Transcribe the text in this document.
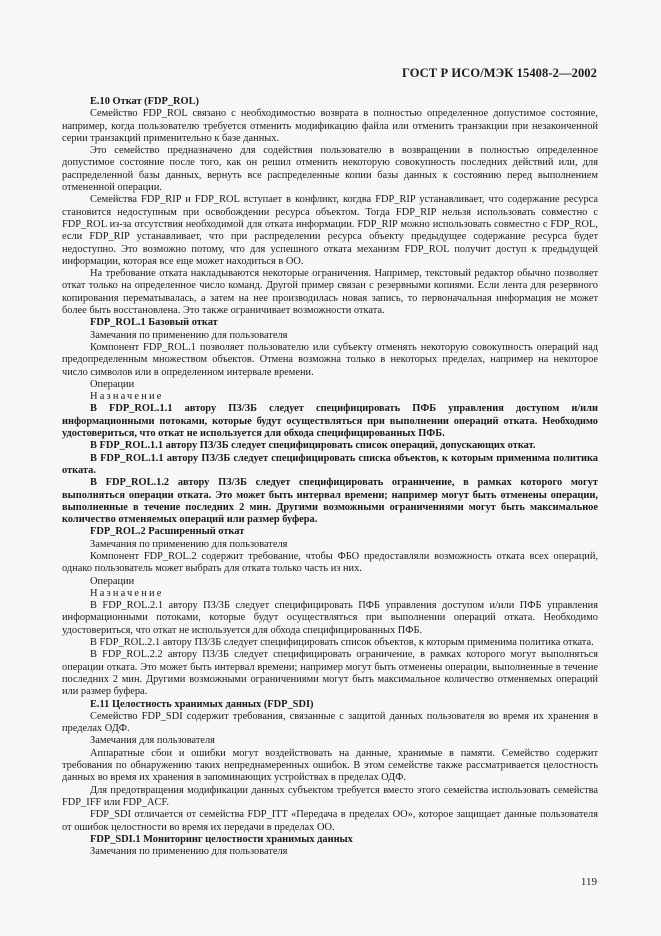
ГОСТ Р ИСО/МЭК 15408-2—2002

Е.10 Откат (FDP_ROL)

Семейство FDP_ROL связано с необходимостью возврата в полностью определенное допустимое состояние, например, когда пользователю требуется отменить модификацию файла или отменить транзакции при незаконченной серии транзакций применительно к базе данных.

Это семейство предназначено для содействия пользователю в возвращении в полностью определенное допустимое состояние после того, как он решил отменить некоторую совокупность последних действий или, для распределенной базы данных, вернуть все распределенные копии базы данных к состоянию перед выполнением отмененной операции.

Семейства FDP_RIP и FDP_ROL вступает в конфликт, когдва FDP_RIP устанавливает, что содержание ресурса становится недоступным при освобождении ресурса объектом. Тогда FDP_RIP нельзя использовать совместно с FDP_ROL из-за отсутствия необходимой для отката информации. FDP_RIP можно использовать совместно с FDP_ROL, если FDP_RIP устанавливает, что при распределении ресурса объекту предыдущее содержание ресурса будет недоступно. Это возможно потому, что для успешного отката механизм FDP_ROL получит доступ к предыдущей информации, которая все еще может находиться в ОО.

На требование отката накладываются некоторые ограничения. Например, текстовый редактор обычно позволяет откат только на определенное число команд. Другой пример связан с резервными копиями. Если лента для резервного копирования перематывалась, а затем на нее производилась новая запись, то первоначальная информация не может более быть восстановлена. Это также ограничивает возможности отката.

FDP_ROL.1 Базовый откат

Замечания по применению для пользователя

Компонент FDP_ROL.1 позволяет пользователю или субъекту отменять некоторую совокупность операций над предопределенным множеством объектов. Отмена возможна только в некоторых пределах, например на некоторое число символов или в определенном интервале времени.

Операции

Назначение

В FDP_ROL.1.1 автору ПЗ/ЗБ следует специфицировать ПФБ управления доступом и/или информационными потоками, которые будут осуществляться при выполнении операций отката. Необходимо удостовериться, что откат не используется для обхода специфицированных ПФБ.

В FDP_ROL.1.1 автору ПЗ/ЗБ следует специфицировать список операций, допускающих откат.

В FDP_ROL.1.1 автору ПЗ/ЗБ следует специфицировать списка объектов, к которым применима политика отката.

В FDP_ROL.1.2 автору ПЗ/ЗБ следует специфицировать ограничение, в рамках которого могут выполняться операции отката. Это может быть интервал времени; например могут быть отменены операции, выполненные в течение последних 2 мин. Другими возможными ограничениями могут быть максимальное количество отменяемых операций или размер буфера.

FDP_ROL.2 Расширенный откат

Замечания по применению для пользователя

Компонент FDP_ROL.2 содержит требование, чтобы ФБО предоставляли возможность отката всех операций, однако пользователь может выбрать для отката только часть из них.

Операции

Назначение

В FDP_ROL.2.1 автору ПЗ/ЗБ следует специфицировать ПФБ управления доступом и/или ПФБ управления информационными потоками, которые будут осуществляться при выполнении операций отката. Необходимо удостовериться, что откат не используется для обхода специфицированных ПФБ.

В FDP_ROL.2.1 автору ПЗ/ЗБ следует специфицировать список объектов, к которым применима политика отката.

В FDP_ROL.2.2 автору ПЗ/ЗБ следует специфицировать ограничение, в рамках которого могут выполняться операции отката. Это может быть интервал времени; например могут быть отменены операции, выполненные в течение последних 2 мин. Другими возможными ограничениями могут быть максимальное количество отменяемых операций или размер буфера.

Е.11 Целостность хранимых данных (FDP_SDI)

Семейство FDP_SDI содержит требования, связанные с защитой данных пользователя во время их хранения в пределах ОДФ.

Замечания для пользователя

Аппаратные сбои и ошибки могут воздействовать на данные, хранимые в памяти. Семейство содержит требования по обнаружению таких непреднамеренных ошибок. В этом семействе также рассматривается целостность данных во время их хранения в запоминающих устройствах в пределах ОДФ.

Для предотвращения модификации данных субъектом требуется вместо этого семейства использовать семейства FDP_IFF или FDP_ACF.

FDP_SDI отличается от семейства FDP_ITT «Передача в пределах ОО», которое защищает данные пользователя от ошибок целостности во время их передачи в пределах ОО.

FDP_SDI.1 Мониторинг целостности хранимых данных

Замечания по применению для пользователя

119
